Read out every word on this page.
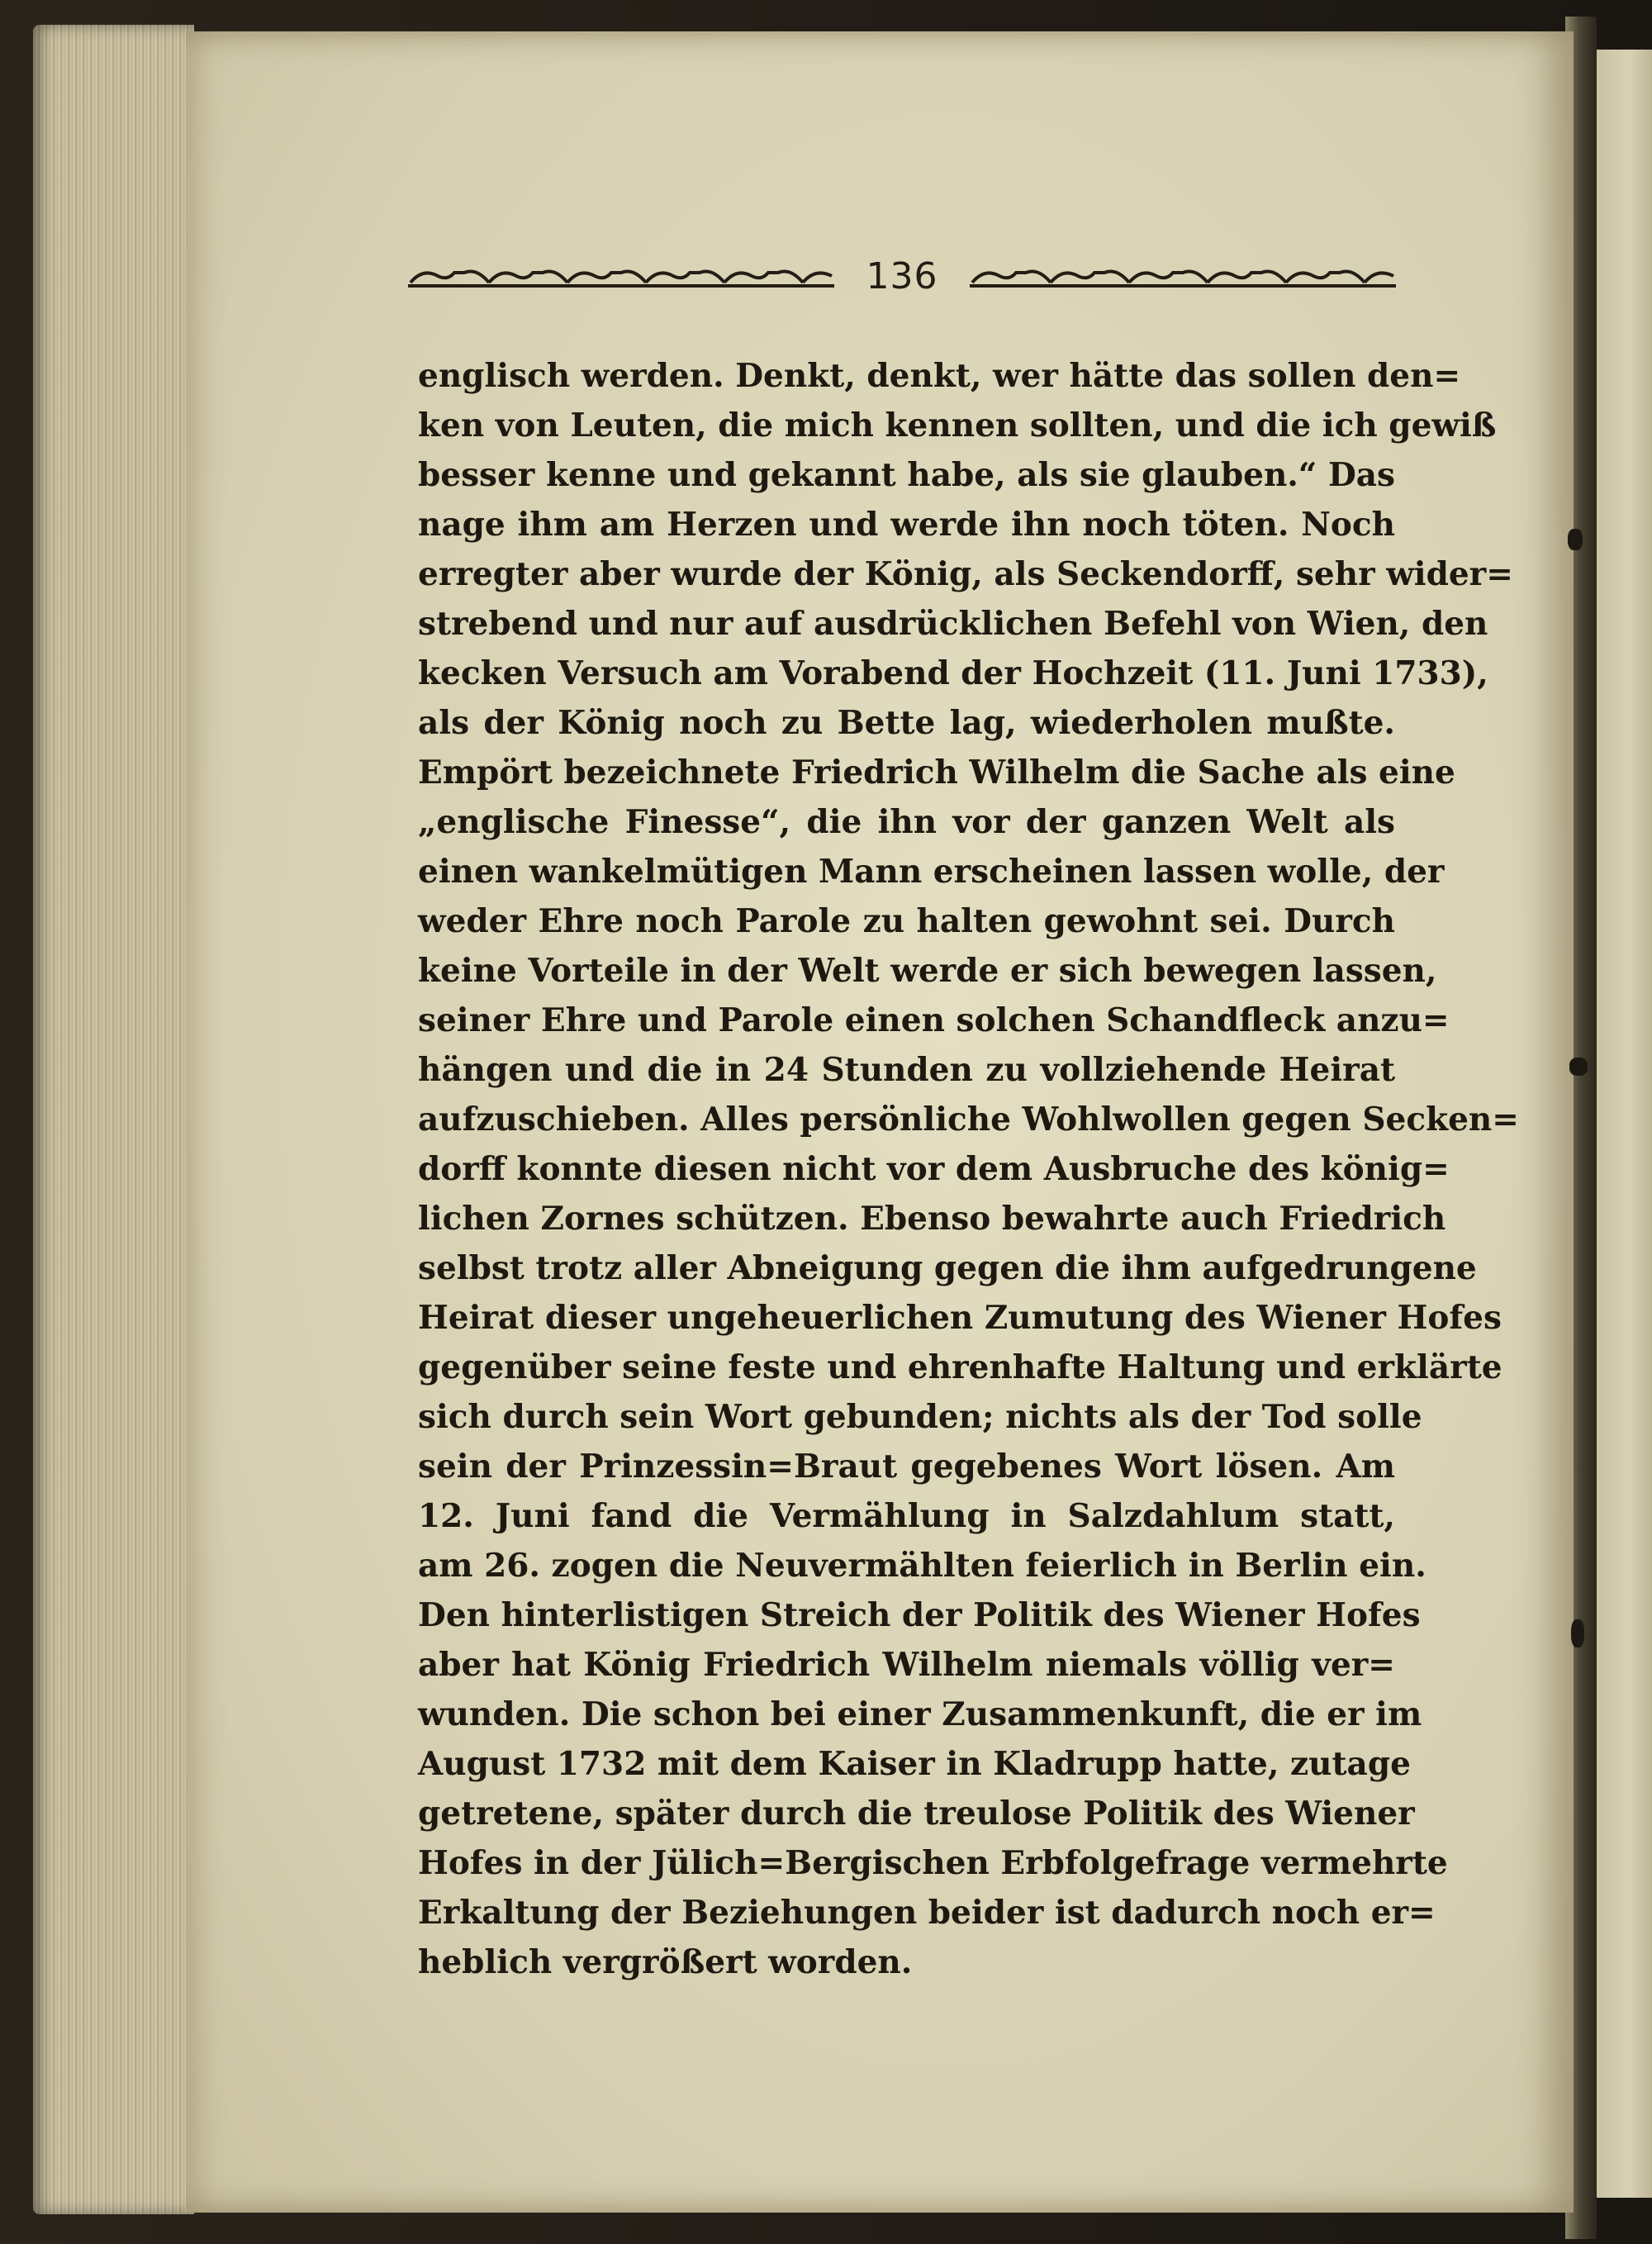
136
englisch werden. Denkt, denkt, wer hätte das sollen den=
ken von Leuten, die mich kennen sollten, und die ich gewiß
besser kenne und gekannt habe, als sie glauben.“ Das
nage ihm am Herzen und werde ihn noch töten. Noch
erregter aber wurde der König, als Seckendorff, sehr wider=
strebend und nur auf ausdrücklichen Befehl von Wien, den
kecken Versuch am Vorabend der Hochzeit (11. Juni 1733),
als der König noch zu Bette lag, wiederholen mußte.
Empört bezeichnete Friedrich Wilhelm die Sache als eine
„englische Finesse“, die ihn vor der ganzen Welt als
einen wankelmütigen Mann erscheinen lassen wolle, der
weder Ehre noch Parole zu halten gewohnt sei. Durch
keine Vorteile in der Welt werde er sich bewegen lassen,
seiner Ehre und Parole einen solchen Schandfleck anzu=
hängen und die in 24 Stunden zu vollziehende Heirat
aufzuschieben. Alles persönliche Wohlwollen gegen Secken=
dorff konnte diesen nicht vor dem Ausbruche des könig=
lichen Zornes schützen. Ebenso bewahrte auch Friedrich
selbst trotz aller Abneigung gegen die ihm aufgedrungene
Heirat dieser ungeheuerlichen Zumutung des Wiener Hofes
gegenüber seine feste und ehrenhafte Haltung und erklärte
sich durch sein Wort gebunden; nichts als der Tod solle
sein der Prinzessin=Braut gegebenes Wort lösen. Am
12. Juni fand die Vermählung in Salzdahlum statt,
am 26. zogen die Neuvermählten feierlich in Berlin ein.
Den hinterlistigen Streich der Politik des Wiener Hofes
aber hat König Friedrich Wilhelm niemals völlig ver=
wunden. Die schon bei einer Zusammenkunft, die er im
August 1732 mit dem Kaiser in Kladrupp hatte, zutage
getretene, später durch die treulose Politik des Wiener
Hofes in der Jülich=Bergischen Erbfolgefrage vermehrte
Erkaltung der Beziehungen beider ist dadurch noch er=
heblich vergrößert worden.
